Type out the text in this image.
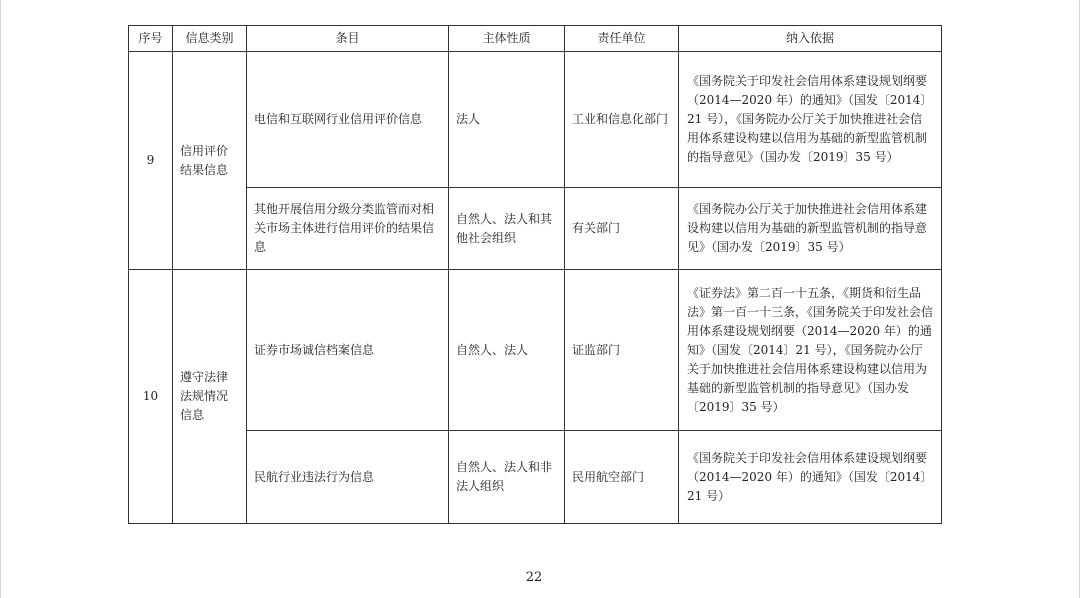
序号	信息类别	条目	主体性质	责任单位	纳入依据
9	信用评价结果信息	电信和互联网行业信用评价信息	法人	工业和信息化部门	《国务院关于印发社会信用体系建设规划纲要（2014—2020 年）的通知》（国发〔2014〕21 号），《国务院办公厅关于加快推进社会信用体系建设构建以信用为基础的新型监管机制的指导意见》（国办发〔2019〕35 号）
		其他开展信用分级分类监管而对相关市场主体进行信用评价的结果信息	自然人、法人和其他社会组织	有关部门	《国务院办公厅关于加快推进社会信用体系建设构建以信用为基础的新型监管机制的指导意见》（国办发〔2019〕35 号）
10	遵守法律法规情况信息	证券市场诚信档案信息	自然人、法人	证监部门	《证券法》第二百一十五条，《期货和衍生品法》第一百一十三条，《国务院关于印发社会信用体系建设规划纲要（2014—2020 年）的通知》（国发〔2014〕21 号），《国务院办公厅关于加快推进社会信用体系建设构建以信用为基础的新型监管机制的指导意见》（国办发〔2019〕35 号）
		民航行业违法行为信息	自然人、法人和非法人组织	民用航空部门	《国务院关于印发社会信用体系建设规划纲要（2014—2020 年）的通知》（国发〔2014〕21 号）
22
